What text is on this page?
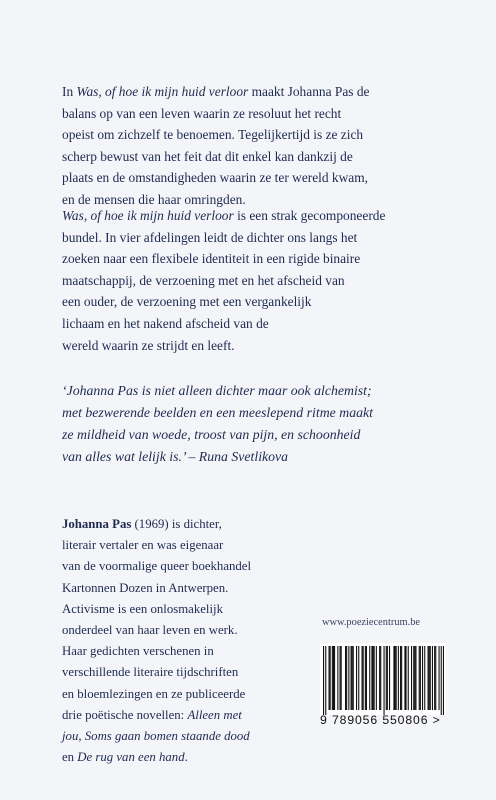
In Was, of hoe ik mijn huid verloor maakt Johanna Pas de
balans op van een leven waarin ze resoluut het recht
opeist om zichzelf te benoemen. Tegelijkertijd is ze zich
scherp bewust van het feit dat dit enkel kan dankzij de
plaats en de omstandigheden waarin ze ter wereld kwam,
en de mensen die haar omringden.
Was, of hoe ik mijn huid verloor is een strak gecomponeerde
bundel. In vier afdelingen leidt de dichter ons langs het
zoeken naar een flexibele identiteit in een rigide binaire
maatschappij, de verzoening met en het afscheid van
een ouder, de verzoening met een vergankelijk
lichaam en het nakend afscheid van de
wereld waarin ze strijdt en leeft.
‘Johanna Pas is niet alleen dichter maar ook alchemist;
met bezwerende beelden en een meeslepend ritme maakt
ze mildheid van woede, troost van pijn, en schoonheid
van alles wat lelijk is.’ – Runa Svetlikova
Johanna Pas (1969) is dichter,
literair vertaler en was eigenaar
van de voormalige queer boekhandel
Kartonnen Dozen in Antwerpen.
Activisme is een onlosmakelijk
onderdeel van haar leven en werk.
Haar gedichten verschenen in
verschillende literaire tijdschriften
en bloemlezingen en ze publiceerde
drie poëtische novellen: Alleen met
jou, Soms gaan bomen staande dood
en De rug van een hand.
www.poeziecentrum.be
9 789056 550806 >
